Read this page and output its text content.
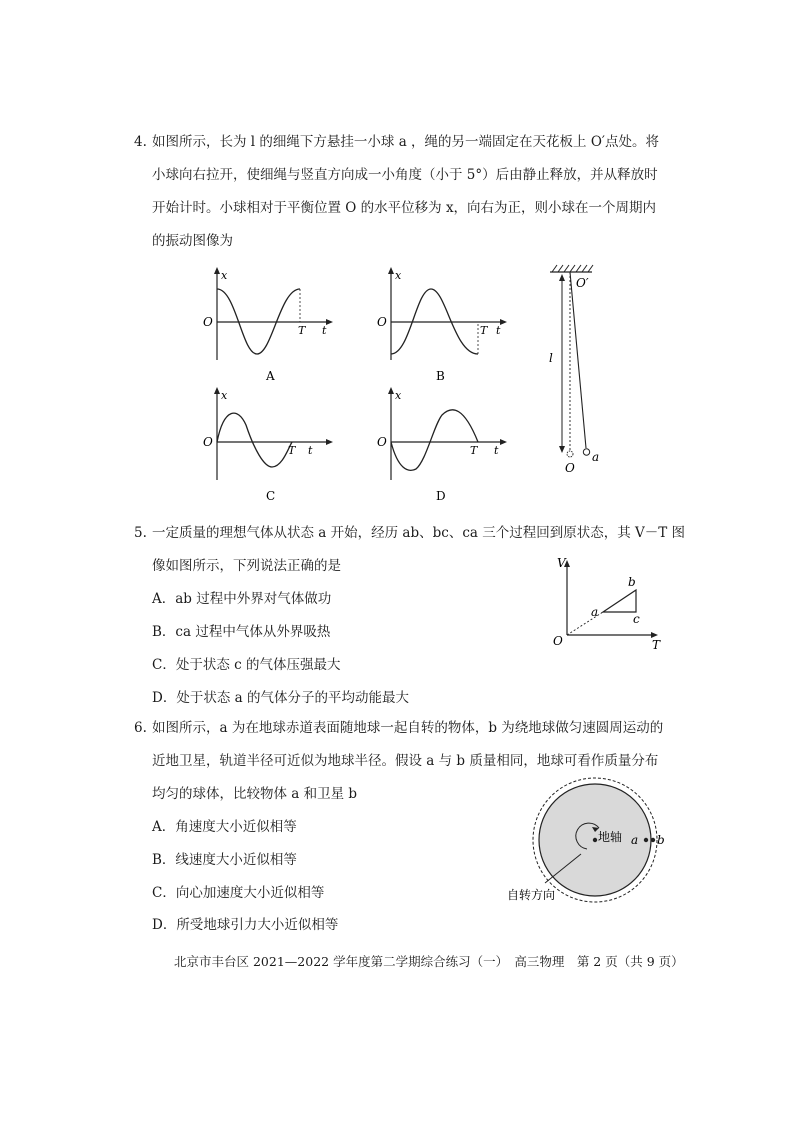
4. 如图所示，长为 l 的细绳下方悬挂一小球 a ，绳的另一端固定在天花板上 O′点处。将
小球向右拉开，使细绳与竖直方向成一小角度（小于 5°）后由静止释放，并从释放时
开始计时。小球相对于平衡位置 O 的水平位移为 x，向右为正，则小球在一个周期内
的振动图像为
x
O
T t
A
x
O
T t
B
x
O
T t
C
x
O
T t
D
O′
l
O
a
5. 一定质量的理想气体从状态 a 开始，经历 ab、bc、ca 三个过程回到原状态，其 V－T 图
像如图所示，下列说法正确的是
A．ab 过程中外界对气体做功
B．ca 过程中气体从外界吸热
C．处于状态 c 的气体压强最大
D．处于状态 a 的气体分子的平均动能最大
V
O	T
a
b
c
6. 如图所示，a 为在地球赤道表面随地球一起自转的物体，b 为绕地球做匀速圆周运动的
近地卫星，轨道半径可近似为地球半径。假设 a 与 b 质量相同，地球可看作质量分布
均匀的球体，比较物体 a 和卫星 b
A．角速度大小近似相等
B．线速度大小近似相等
C．向心加速度大小近似相等
D．所受地球引力大小近似相等
地轴 a b
自转方向
北京市丰台区 2021—2022 学年度第二学期综合练习（一）　高三物理　第 2 页（共 9 页）
